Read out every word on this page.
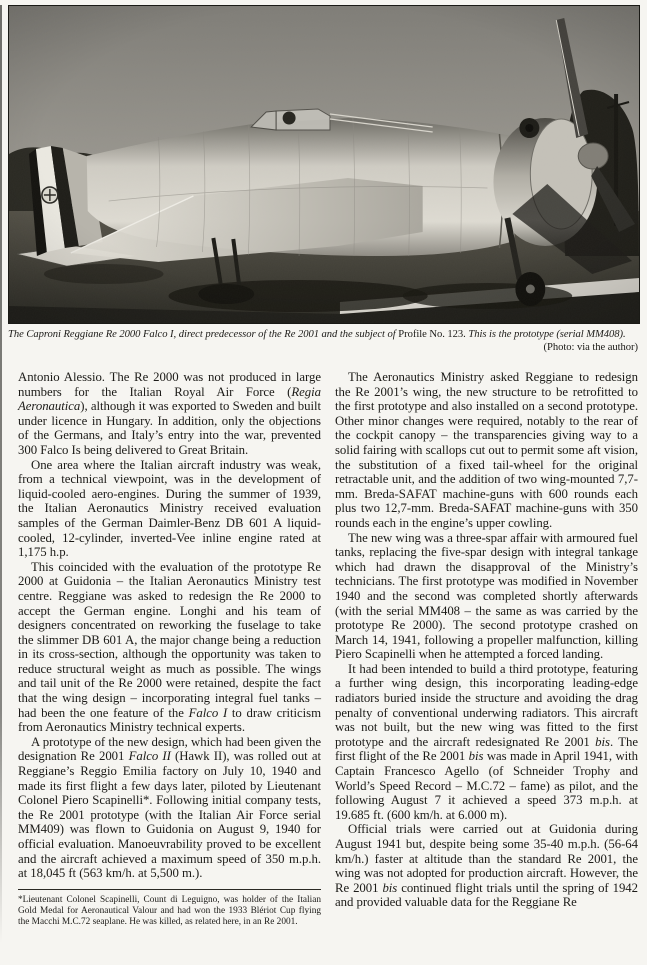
The Caproni Reggiane Re 2000 Falco I, direct predecessor of the Re 2001 and the subject of Profile No. 123. This is the prototype (serial MM408).
(Photo: via the author)

Antonio Alessio. The Re 2000 was not produced in large numbers for the Italian Royal Air Force (Regia Aeronautica), although it was exported to Sweden and built under licence in Hungary. In addition, only the objections of the Germans, and Italy’s entry into the war, prevented 300 Falco Is being delivered to Great Britain.

One area where the Italian aircraft industry was weak, from a technical viewpoint, was in the development of liquid-cooled aero-engines. During the summer of 1939, the Italian Aeronautics Ministry received evaluation samples of the German Daimler-Benz DB 601 A liquid-cooled, 12-cylinder, inverted-Vee inline engine rated at 1,175 h.p.

This coincided with the evaluation of the prototype Re 2000 at Guidonia – the Italian Aeronautics Ministry test centre. Reggiane was asked to redesign the Re 2000 to accept the German engine. Longhi and his team of designers concentrated on reworking the fuselage to take the slimmer DB 601 A, the major change being a reduction in its cross-section, although the opportunity was taken to reduce structural weight as much as possible. The wings and tail unit of the Re 2000 were retained, despite the fact that the wing design – incorporating integral fuel tanks – had been the one feature of the Falco I to draw criticism from Aeronautics Ministry technical experts.

A prototype of the new design, which had been given the designation Re 2001 Falco II (Hawk II), was rolled out at Reggiane’s Reggio Emilia factory on July 10, 1940 and made its first flight a few days later, piloted by Lieutenant Colonel Piero Scapinelli*. Following initial company tests, the Re 2001 prototype (with the Italian Air Force serial MM409) was flown to Guidonia on August 9, 1940 for official evaluation. Manoeuvrability proved to be excellent and the aircraft achieved a maximum speed of 350 m.p.h. at 18,045 ft (563 km/h. at 5,500 m.).

*Lieutenant Colonel Scapinelli, Count di Leguigno, was holder of the Italian Gold Medal for Aeronautical Valour and had won the 1933 Blériot Cup flying the Macchi M.C.72 seaplane. He was killed, as related here, in an Re 2001.

The Aeronautics Ministry asked Reggiane to redesign the Re 2001’s wing, the new structure to be retrofitted to the first prototype and also installed on a second prototype. Other minor changes were required, notably to the rear of the cockpit canopy – the transparencies giving way to a solid fairing with scallops cut out to permit some aft vision, the substitution of a fixed tail-wheel for the original retractable unit, and the addition of two wing-mounted 7,7-mm. Breda-SAFAT machine-guns with 600 rounds each plus two 12,7-mm. Breda-SAFAT machine-guns with 350 rounds each in the engine’s upper cowling.

The new wing was a three-spar affair with armoured fuel tanks, replacing the five-spar design with integral tankage which had drawn the disapproval of the Ministry’s technicians. The first prototype was modified in November 1940 and the second was completed shortly afterwards (with the serial MM408 – the same as was carried by the prototype Re 2000). The second prototype crashed on March 14, 1941, following a propeller malfunction, killing Piero Scapinelli when he attempted a forced landing.

It had been intended to build a third prototype, featuring a further wing design, this incorporating leading-edge radiators buried inside the structure and avoiding the drag penalty of conventional underwing radiators. This aircraft was not built, but the new wing was fitted to the first prototype and the aircraft redesignated Re 2001 bis. The first flight of the Re 2001 bis was made in April 1941, with Captain Francesco Agello (of Schneider Trophy and World’s Speed Record – M.C.72 – fame) as pilot, and the following August 7 it achieved a speed 373 m.p.h. at 19.685 ft. (600 km/h. at 6.000 m).

Official trials were carried out at Guidonia during August 1941 but, despite being some 35-40 m.p.h. (56-64 km/h.) faster at altitude than the standard Re 2001, the wing was not adopted for production aircraft. However, the Re 2001 bis continued flight trials until the spring of 1942 and provided valuable data for the Reggiane Re
